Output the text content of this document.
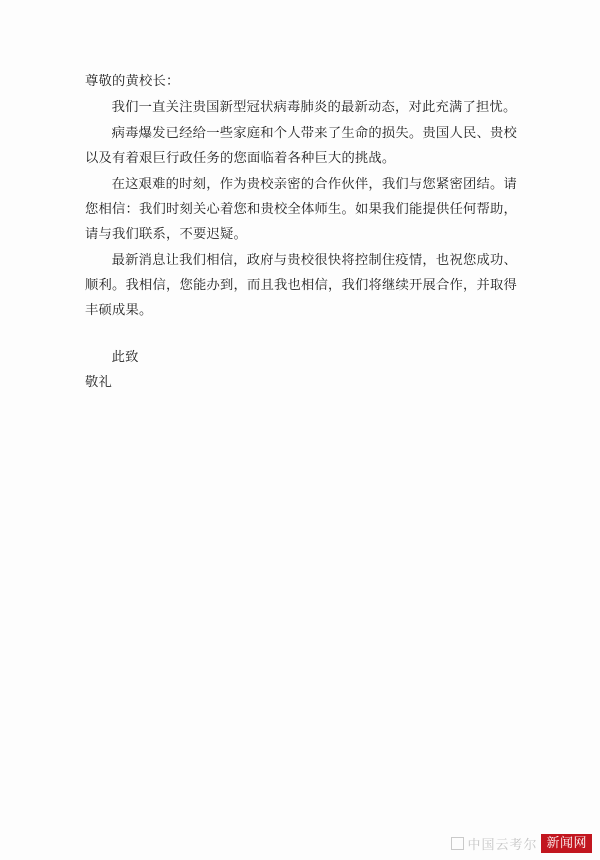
尊敬的黄校长：

我们一直关注贵国新型冠状病毒肺炎的最新动态，对此充满了担忧。

病毒爆发已经给一些家庭和个人带来了生命的损失。贵国人民、贵校以及有着艰巨行政任务的您面临着各种巨大的挑战。

在这艰难的时刻，作为贵校亲密的合作伙伴，我们与您紧密团结。请您相信：我们时刻关心着您和贵校全体师生。如果我们能提供任何帮助，请与我们联系，不要迟疑。

最新消息让我们相信，政府与贵校很快将控制住疫情，也祝您成功、顺利。我相信，您能办到，而且我也相信，我们将继续开展合作，并取得丰硕成果。

此致
敬礼
中国云考尔 新闻网
